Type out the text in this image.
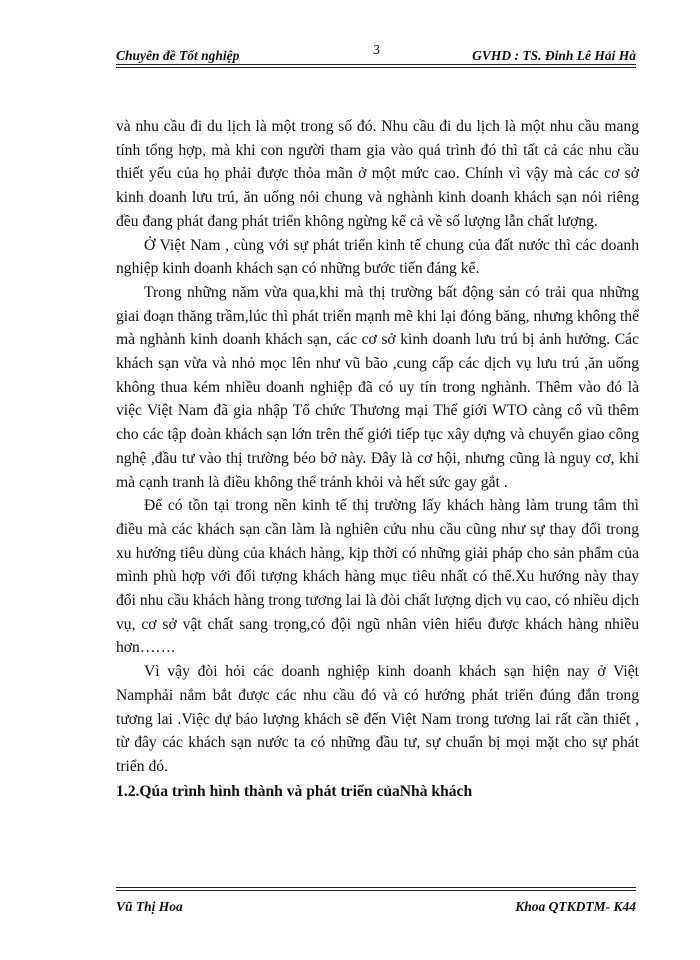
Chuyên đề Tốt nghiệp	3	GVHD : TS. Đinh Lê Hải Hà

và nhu cầu đi du lịch là một trong số đó. Nhu cầu đi du lịch là một nhu cầu mang tính tổng hợp, mà khi con người tham gia vào quá trình đó thì tất cả các nhu cầu thiết yếu của họ phải được thỏa mãn ở một mức cao. Chính vì vậy mà các cơ sở kinh doanh lưu trú, ăn uống nói chung và nghành kinh doanh khách sạn nói riêng đều đang phát đang phát triển không ngừng kể cả về số lượng lẫn chất lượng.

Ở Việt Nam , cùng với sự phát triển kinh tế chung của đất nước thì các doanh nghiệp kinh doanh khách sạn có những bước tiến đáng kể.

Trong những năm vừa qua,khi mà thị trường bất động sản có trải qua những giai đoạn thăng trầm,lúc thì phát triển mạnh mẽ khi lại đóng băng, nhưng không thể mà nghành kinh doanh khách sạn, các cơ sở kinh doanh lưu trú bị ảnh hưởng. Các khách sạn vừa và nhỏ mọc lên như vũ bão ,cung cấp các dịch vụ lưu trú ,ăn uống không thua kém nhiều doanh nghiệp đã có uy tín trong nghành. Thêm vào đó là việc Việt Nam đã gia nhập Tổ chức Thương mại Thế giới WTO càng cổ vũ thêm cho các tập đoàn khách sạn lớn trên thế giới tiếp tục xây dựng và chuyển giao công nghệ ,đầu tư vào thị trường béo bở này. Đây là cơ hội, nhưng cũng là nguy cơ, khi mà cạnh tranh là điều không thể tránh khỏi và hết sức gay gắt .

Để có tồn tại trong nền kinh tế thị trường lấy khách hàng làm trung tâm thì điều mà các khách sạn cần làm là nghiên cứu nhu cầu cũng như sự thay đổi trong xu hướng tiêu dùng của khách hàng, kịp thời có những giải pháp cho sản phẩm của mình phù hợp với đối tượng khách hàng mục tiêu nhất có thể.Xu hướng này thay đổi nhu cầu khách hàng trong tương lai là đòi chất lượng dịch vụ cao, có nhiều dịch vụ, cơ sở vật chất sang trọng,có đội ngũ nhân viên hiểu được khách hàng nhiều hơn…….

Vì vậy đòi hỏi các doanh nghiệp kinh doanh khách sạn hiện nay ở Việt Namphải nắm bắt được các nhu cầu đó và có hướng phát triển đúng đắn trong tương lai .Việc dự báo lượng khách sẽ đến Việt Nam trong tương lai rất cần thiết , từ đây các khách sạn nước ta có những đầu tư, sự chuẩn bị mọi mặt cho sự phát triển đó.

1.2.Qúa trình hình thành và phát triển củaNhà khách

Vũ Thị Hoa	Khoa QTKDTM- K44
